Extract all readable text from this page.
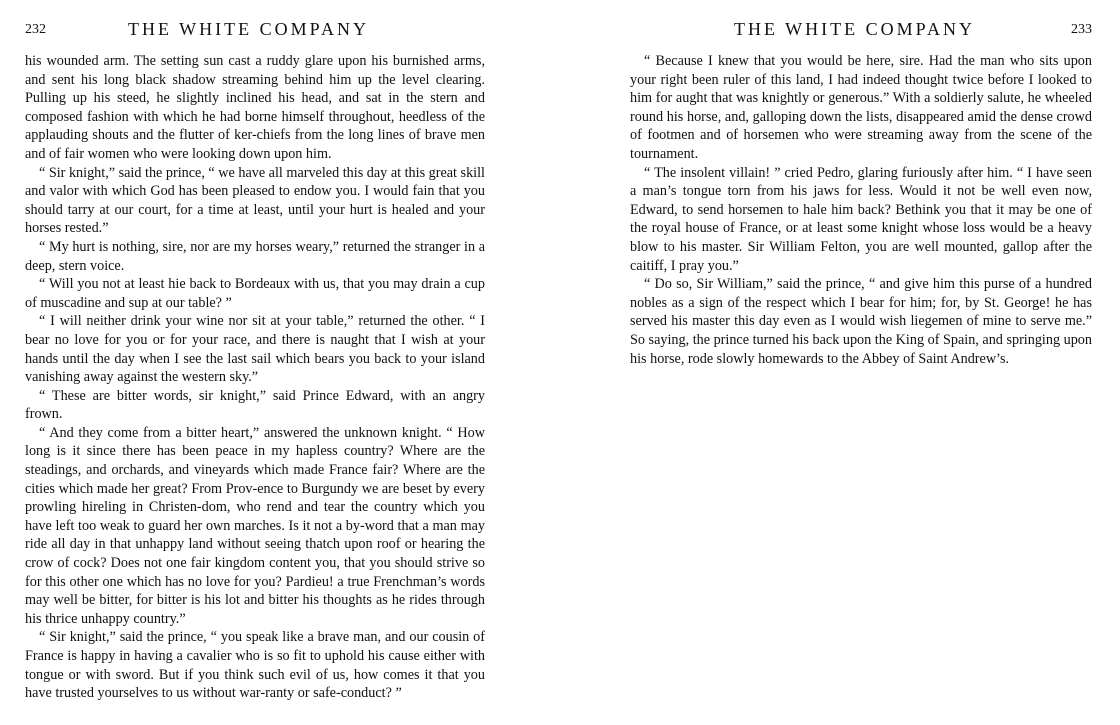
232	THE WHITE COMPANY

his wounded arm. The setting sun cast a ruddy glare upon his burnished arms, and sent his long black shadow streaming behind him up the level clearing. Pulling up his steed, he slightly inclined his head, and sat in the stern and composed fashion with which he had borne himself throughout, heedless of the applauding shouts and the flutter of ker-chiefs from the long lines of brave men and of fair women who were looking down upon him.

“ Sir knight,” said the prince, “ we have all marveled this day at this great skill and valor with which God has been pleased to endow you. I would fain that you should tarry at our court, for a time at least, until your hurt is healed and your horses rested.”

“ My hurt is nothing, sire, nor are my horses weary,” returned the stranger in a deep, stern voice.

“ Will you not at least hie back to Bordeaux with us, that you may drain a cup of muscadine and sup at our table? ”

“ I will neither drink your wine nor sit at your table,” returned the other. “ I bear no love for you or for your race, and there is naught that I wish at your hands until the day when I see the last sail which bears you back to your island vanishing away against the western sky.”

“ These are bitter words, sir knight,” said Prince Edward, with an angry frown.

“ And they come from a bitter heart,” answered the unknown knight. “ How long is it since there has been peace in my hapless country? Where are the steadings, and orchards, and vineyards which made France fair? Where are the cities which made her great? From Prov-ence to Burgundy we are beset by every prowling hireling in Christen-dom, who rend and tear the country which you have left too weak to guard her own marches. Is it not a by-word that a man may ride all day in that unhappy land without seeing thatch upon roof or hearing the crow of cock? Does not one fair kingdom content you, that you should strive so for this other one which has no love for you? Pardieu! a true Frenchman’s words may well be bitter, for bitter is his lot and bitter his thoughts as he rides through his thrice unhappy country.”

“ Sir knight,” said the prince, “ you speak like a brave man, and our cousin of France is happy in having a cavalier who is so fit to uphold his cause either with tongue or with sword. But if you think such evil of us, how comes it that you have trusted yourselves to us without war-ranty or safe-conduct? ”

THE WHITE COMPANY	233

“ Because I knew that you would be here, sire. Had the man who sits upon your right been ruler of this land, I had indeed thought twice before I looked to him for aught that was knightly or generous.” With a soldierly salute, he wheeled round his horse, and, galloping down the lists, disappeared amid the dense crowd of footmen and of horsemen who were streaming away from the scene of the tournament.

“ The insolent villain! ” cried Pedro, glaring furiously after him. “ I have seen a man’s tongue torn from his jaws for less. Would it not be well even now, Edward, to send horsemen to hale him back? Bethink you that it may be one of the royal house of France, or at least some knight whose loss would be a heavy blow to his master. Sir William Felton, you are well mounted, gallop after the caitiff, I pray you.”

“ Do so, Sir William,” said the prince, “ and give him this purse of a hundred nobles as a sign of the respect which I bear for him; for, by St. George! he has served his master this day even as I would wish liegemen of mine to serve me.” So saying, the prince turned his back upon the King of Spain, and springing upon his horse, rode slowly homewards to the Abbey of Saint Andrew’s.
